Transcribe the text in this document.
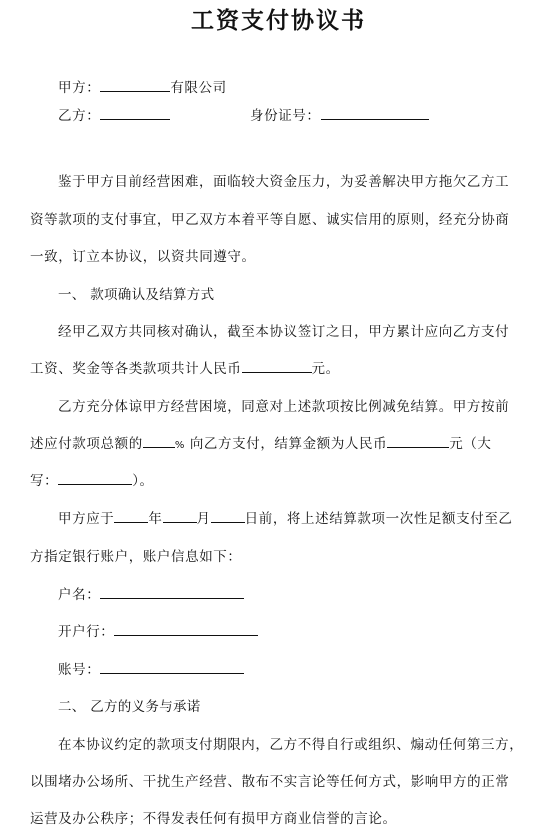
工资支付协议书
甲方：	有限公司
乙方：	身份证号：
鉴于甲方目前经营困难，面临较大资金压力，为妥善解决甲方拖欠乙方工
资等款项的支付事宜，甲乙双方本着平等自愿、诚实信用的原则，经充分协商
一致，订立本协议，以资共同遵守。
一、 款项确认及结算方式
经甲乙双方共同核对确认，截至本协议签订之日，甲方累计应向乙方支付
工资、奖金等各类款项共计人民币	元。
乙方充分体谅甲方经营困境，同意对上述款项按比例减免结算。甲方按前
述应付款项总额的	% 向乙方支付，结算金额为人民币	元（大
写：	）。
甲方应于	年	月	日前，将上述结算款项一次性足额支付至乙
方指定银行账户，账户信息如下：
户名：
开户行：
账号：
二、 乙方的义务与承诺
在本协议约定的款项支付期限内，乙方不得自行或组织、煽动任何第三方，
以围堵办公场所、干扰生产经营、散布不实言论等任何方式，影响甲方的正常
运营及办公秩序；不得发表任何有损甲方商业信誉的言论。
